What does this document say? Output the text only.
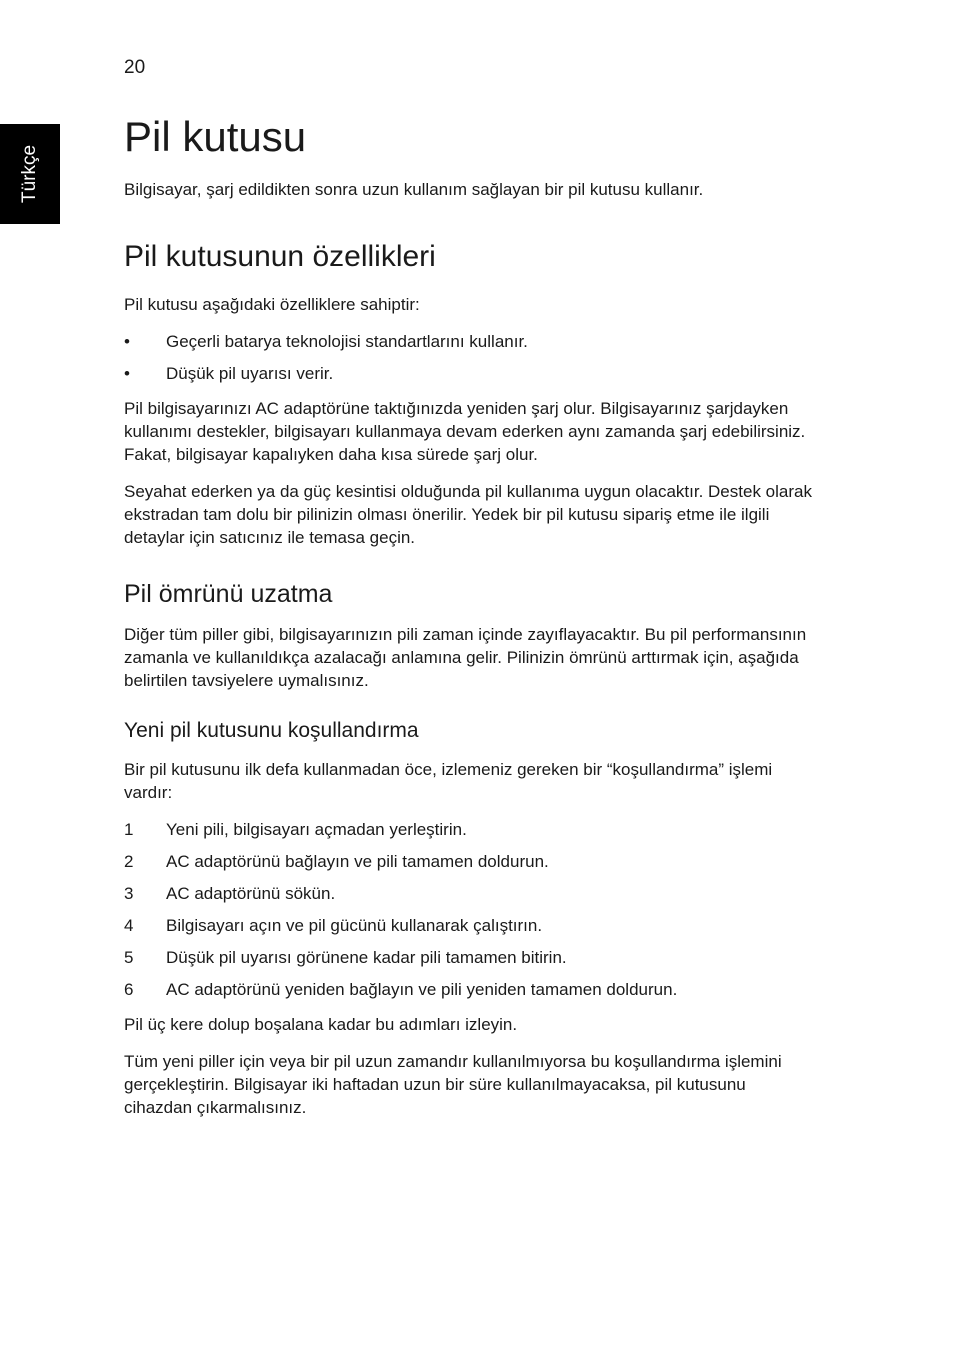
20
Türkçe
Pil kutusu

Bilgisayar, şarj edildikten sonra uzun kullanım sağlayan bir pil kutusu kullanır.

Pil kutusunun özellikleri

Pil kutusu aşağıdaki özelliklere sahiptir:

• Geçerli batarya teknolojisi standartlarını kullanır.
• Düşük pil uyarısı verir.

Pil bilgisayarınızı AC adaptörüne taktığınızda yeniden şarj olur. Bilgisayarınız şarjdayken kullanımı destekler, bilgisayarı kullanmaya devam ederken aynı zamanda şarj edebilirsiniz. Fakat, bilgisayar kapalıyken daha kısa sürede şarj olur.

Seyahat ederken ya da güç kesintisi olduğunda pil kullanıma uygun olacaktır. Destek olarak ekstradan tam dolu bir pilinizin olması önerilir. Yedek bir pil kutusu sipariş etme ile ilgili detaylar için satıcınız ile temasa geçin.

Pil ömrünü uzatma

Diğer tüm piller gibi, bilgisayarınızın pili zaman içinde zayıflayacaktır. Bu pil performansının zamanla ve kullanıldıkça azalacağı anlamına gelir. Pilinizin ömrünü arttırmak için, aşağıda belirtilen tavsiyelere uymalısınız.

Yeni pil kutusunu koşullandırma

Bir pil kutusunu ilk defa kullanmadan öce, izlemeniz gereken bir “koşullandırma” işlemi vardır:

1 Yeni pili, bilgisayarı açmadan yerleştirin.
2 AC adaptörünü bağlayın ve pili tamamen doldurun.
3 AC adaptörünü sökün.
4 Bilgisayarı açın ve pil gücünü kullanarak çalıştırın.
5 Düşük pil uyarısı görünene kadar pili tamamen bitirin.
6 AC adaptörünü yeniden bağlayın ve pili yeniden tamamen doldurun.

Pil üç kere dolup boşalana kadar bu adımları izleyin.

Tüm yeni piller için veya bir pil uzun zamandır kullanılmıyorsa bu koşullandırma işlemini gerçekleştirin. Bilgisayar iki haftadan uzun bir süre kullanılmayacaksa, pil kutusunu cihazdan çıkarmalısınız.
